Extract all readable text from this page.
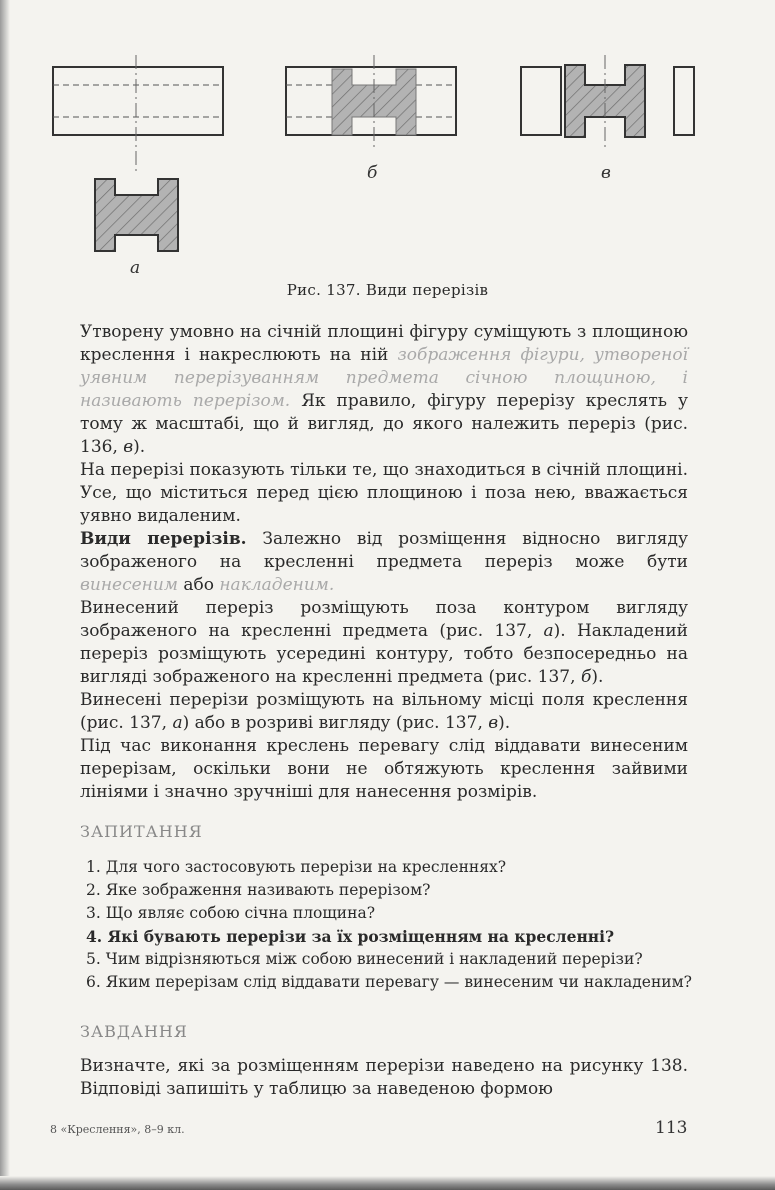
а
б	в
Рис. 137. Види перерізів

Утворену умовно на січній площині фігуру суміщують з площиною креслення і накреслюють на ній зображення фігури, утвореної уявним перерізуванням предмета січною площиною, і називають перерізом. Як правило, фігуру перерізу креслять у тому ж масштабі, що й вигляд, до якого належить переріз (рис. 136, в).

На перерізі показують тільки те, що знаходиться в січній площині. Усе, що міститься перед цією площиною і поза нею, вважається уявно видаленим.

Види перерізів. Залежно від розміщення відносно вигляду зображеного на кресленні предмета переріз може бути винесеним або накладеним.

Винесений переріз розміщують поза контуром вигляду зображеного на кресленні предмета (рис. 137, а). Накладений переріз розміщують усередині контуру, тобто безпосередньо на вигляді зображеного на кресленні предмета (рис. 137, б).

Винесені перерізи розміщують на вільному місці поля креслення (рис. 137, а) або в розриві вигляду (рис. 137, в).

Під час виконання креслень перевагу слід віддавати винесеним перерізам, оскільки вони не обтяжують креслення зайвими лініями і значно зручніші для нанесення розмірів.

ЗАПИТАННЯ

1. Для чого застосовують перерізи на кресленнях?

2. Яке зображення називають перерізом?

3. Що являє собою січна площина?

4. Які бувають перерізи за їх розміщенням на кресленні?

5. Чим відрізняються між собою винесений і накладений перерізи?

6. Яким перерізам слід віддавати перевагу — винесеним чи накладеним?

ЗАВДАННЯ
Визначте, які за розміщенням перерізи наведено на рисунку 138. Відповіді запишіть у таблицю за наведеною формою
8 «Креслення», 8–9 кл.	113
